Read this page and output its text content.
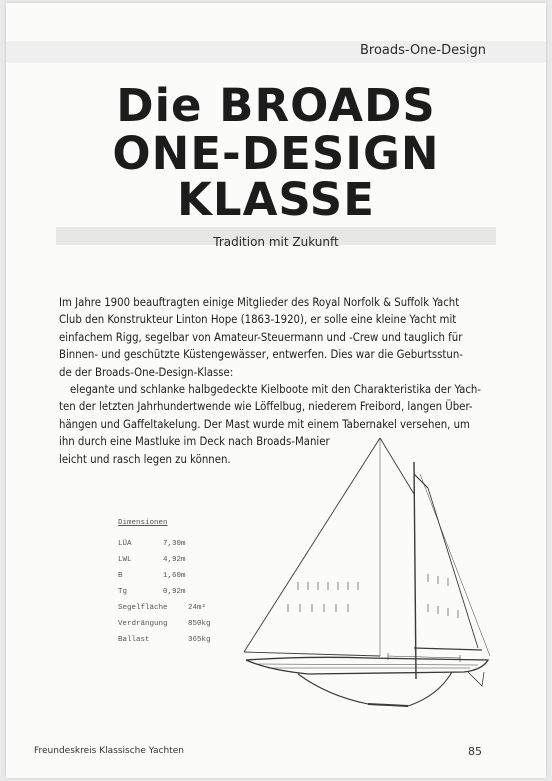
Broads-One-Design
Die BROADS
ONE-DESIGN
KLASSE
Tradition mit Zukunft

Im Jahre 1900 beauftragten einige Mitglieder des Royal Norfolk & Suffolk Yacht

Club den Konstrukteur Linton Hope (1863-1920), er solle eine kleine Yacht mit

einfachem Rigg, segelbar von Amateur-Steuermann und -Crew und tauglich für

Binnen- und geschützte Küstengewässer, entwerfen. Dies war die Geburtsstun-

de der Broads-One-Design-Klasse:

elegante und schlanke halbgedeckte Kielboote mit den Charakteristika der Yach-

ten der letzten Jahrhundertwende wie Löffelbug, niederem Freibord, langen Über-

hängen und Gaffeltakelung. Der Mast wurde mit einem Tabernakel versehen, um

ihn durch eine Mastluke im Deck nach Broads-Manier

leicht und rasch legen zu können.

Dimensionen
LÜA	7,30m
LWL	4,92m
B	1,60m
Tg	0,92m
Segelfläche	24m²
Verdrängung	850kg
Ballast	365kg
Freundeskreis Klassische Yachten	85
